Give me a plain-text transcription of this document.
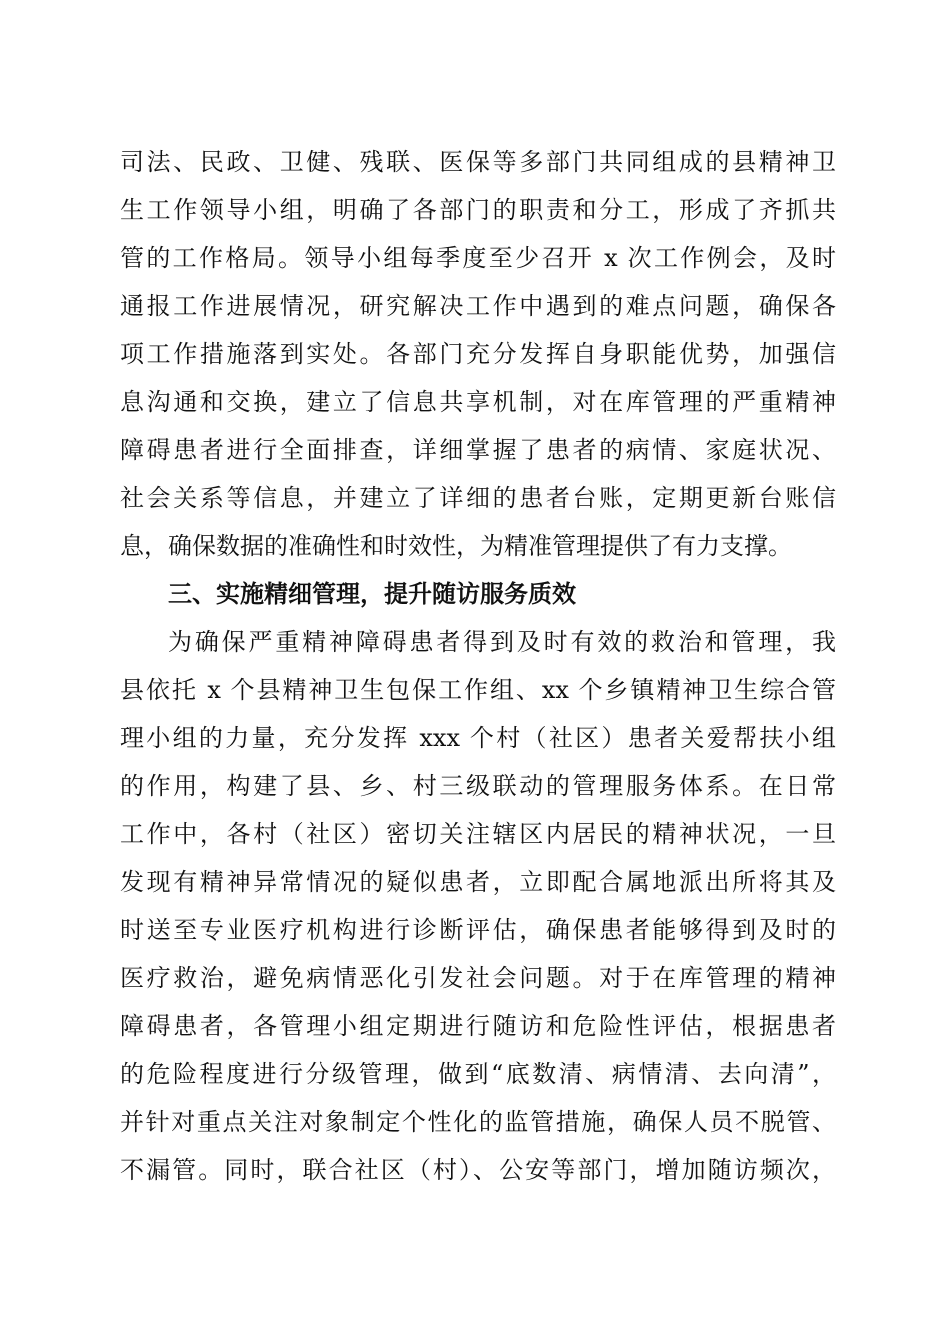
司法、民政、卫健、残联、医保等多部门共同组成的县精神卫
生工作领导小组，明确了各部门的职责和分工，形成了齐抓共
管的工作格局。领导小组每季度至少召开 x 次工作例会，及时
通报工作进展情况，研究解决工作中遇到的难点问题，确保各
项工作措施落到实处。各部门充分发挥自身职能优势，加强信
息沟通和交换，建立了信息共享机制，对在库管理的严重精神
障碍患者进行全面排查，详细掌握了患者的病情、家庭状况、
社会关系等信息，并建立了详细的患者台账，定期更新台账信
息，确保数据的准确性和时效性，为精准管理提供了有力支撑。
三、实施精细管理，提升随访服务质效
为确保严重精神障碍患者得到及时有效的救治和管理，我
县依托 x 个县精神卫生包保工作组、xx 个乡镇精神卫生综合管
理小组的力量，充分发挥 xxx 个村（社区）患者关爱帮扶小组
的作用，构建了县、乡、村三级联动的管理服务体系。在日常
工作中，各村（社区）密切关注辖区内居民的精神状况，一旦
发现有精神异常情况的疑似患者，立即配合属地派出所将其及
时送至专业医疗机构进行诊断评估，确保患者能够得到及时的
医疗救治，避免病情恶化引发社会问题。对于在库管理的精神
障碍患者，各管理小组定期进行随访和危险性评估，根据患者
的危险程度进行分级管理，做到“底数清、病情清、去向清”，
并针对重点关注对象制定个性化的监管措施，确保人员不脱管、
不漏管。同时，联合社区（村）、公安等部门，增加随访频次，
